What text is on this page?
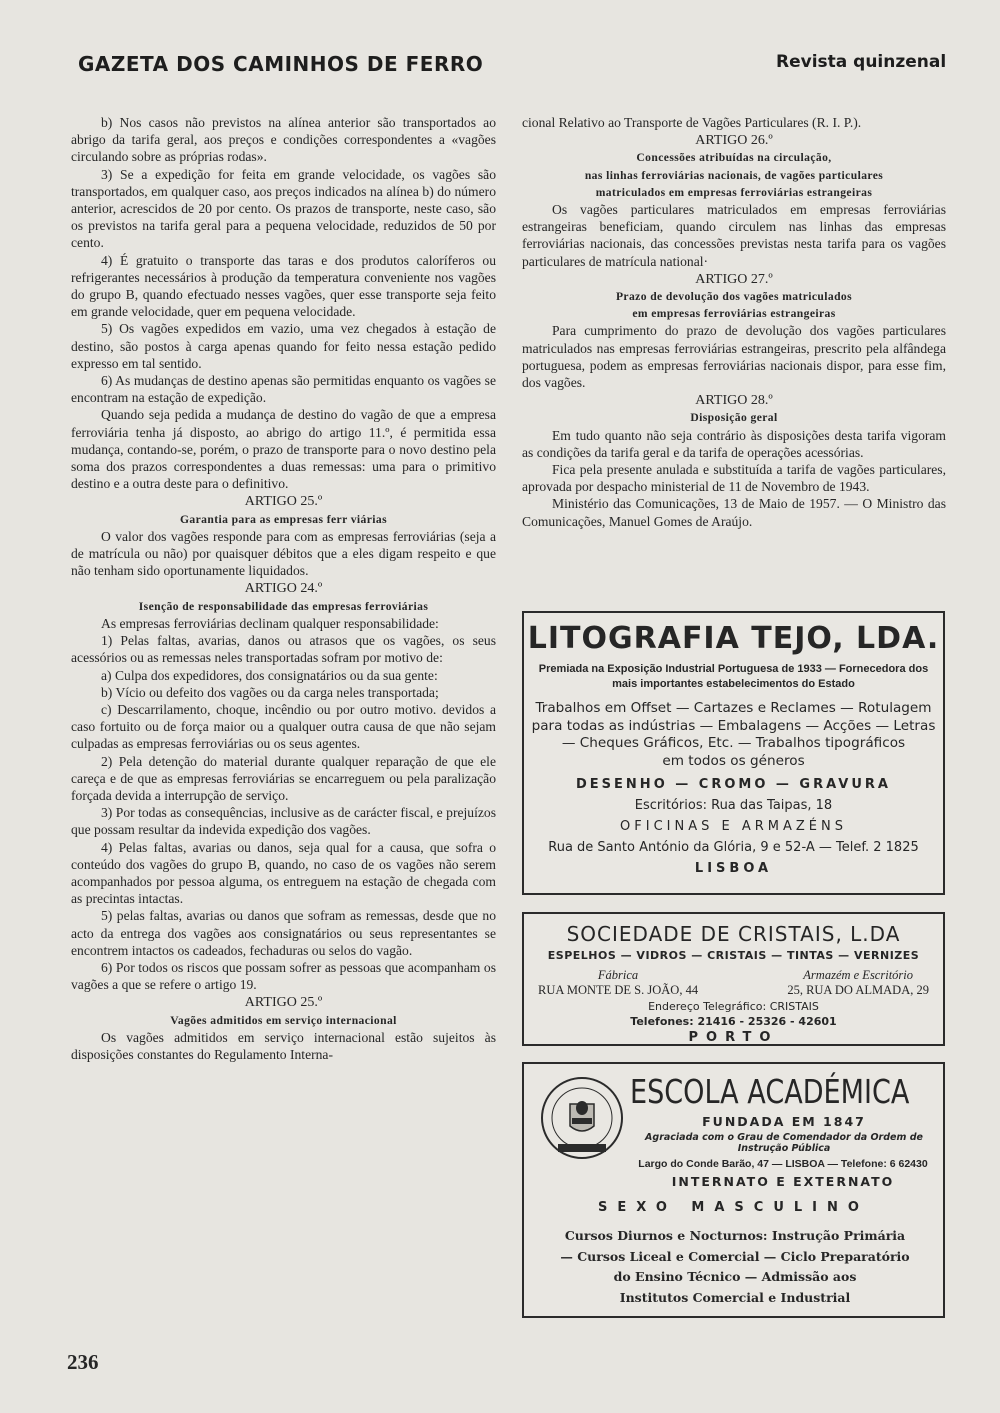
GAZETA DOS CAMINHOS DE FERRO	Revista quinzenal

b) Nos casos não previstos na alínea anterior são transportados ao abrigo da tarifa geral, aos preços e condições correspondentes a «vagões circulando sobre as próprias rodas».

3) Se a expedição for feita em grande velocidade, os vagões são transportados, em qualquer caso, aos preços indicados na alínea b) do número anterior, acrescidos de 20 por cento. Os prazos de transporte, neste caso, são os previstos na tarifa geral para a pequena velocidade, reduzidos de 50 por cento.

4) É gratuito o transporte das taras e dos produtos caloríferos ou refrigerantes necessários à produção da temperatura conveniente nos vagões do grupo B, quando efectuado nesses vagões, quer esse transporte seja feito em grande velocidade, quer em pequena velocidade.

5) Os vagões expedidos em vazio, uma vez chegados à estação de destino, são postos à carga apenas quando for feito nessa estação pedido expresso em tal sentido.

6) As mudanças de destino apenas são permitidas enquanto os vagões se encontram na estação de expedição.

Quando seja pedida a mudança de destino do vagão de que a empresa ferroviária tenha já disposto, ao abrigo do artigo 11.º, é permitida essa mudança, contando-se, porém, o prazo de transporte para o novo destino pela soma dos prazos correspondentes a duas remessas: uma para o primitivo destino e a outra deste para o definitivo.

ARTIGO 25.º

Garantia para as empresas ferr viárias

O valor dos vagões responde para com as empresas ferroviárias (seja a de matrícula ou não) por quaisquer débitos que a eles digam respeito e que não tenham sido oportunamente liquidados.

ARTIGO 24.º

Isenção de responsabilidade das empresas ferroviárias

As empresas ferroviárias declinam qualquer responsabilidade:

1) Pelas faltas, avarias, danos ou atrasos que os vagões, os seus acessórios ou as remessas neles transportadas sofram por motivo de:

a) Culpa dos expedidores, dos consignatários ou da sua gente:

b) Vício ou defeito dos vagões ou da carga neles transportada;

c) Descarrilamento, choque, incêndio ou por outro motivo. devidos a caso fortuito ou de força maior ou a qualquer outra causa de que não sejam culpadas as empresas ferroviárias ou os seus agentes.

2) Pela detenção do material durante qualquer reparação de que ele careça e de que as empresas ferroviárias se encarreguem ou pela paralização forçada devida a interrupção de serviço.

3) Por todas as consequências, inclusive as de carácter fiscal, e prejuízos que possam resultar da indevida expedição dos vagões.

4) Pelas faltas, avarias ou danos, seja qual for a causa, que sofra o conteúdo dos vagões do grupo B, quando, no caso de os vagões não serem acompanhados por pessoa alguma, os entreguem na estação de chegada com as precintas intactas.

5) pelas faltas, avarias ou danos que sofram as remessas, desde que no acto da entrega dos vagões aos consignatários ou seus representantes se encontrem intactos os cadeados, fechaduras ou selos do vagão.

6) Por todos os riscos que possam sofrer as pessoas que acompanham os vagões a que se refere o artigo 19.

ARTIGO 25.º

Vagões admitidos em serviço internacional

Os vagões admitidos em serviço internacional estão sujeitos às disposições constantes do Regulamento Interna-

cional Relativo ao Transporte de Vagões Particulares (R. I. P.).

ARTIGO 26.º

Concessões atribuídas na circulação,

nas linhas ferroviárias nacionais, de vagões particulares

matriculados em empresas ferroviárias estrangeiras

Os vagões particulares matriculados em empresas ferroviárias estrangeiras beneficiam, quando circulem nas linhas das empresas ferroviárias nacionais, das concessões previstas nesta tarifa para os vagões particulares de matrícula national·

ARTIGO 27.º

Prazo de devolução dos vagões matriculados

em empresas ferroviárias estrangeiras

Para cumprimento do prazo de devolução dos vagões particulares matriculados nas empresas ferroviárias estrangeiras, prescrito pela alfândega portuguesa, podem as empresas ferroviárias nacionais dispor, para esse fim, dos vagões.

ARTIGO 28.º

Disposição geral

Em tudo quanto não seja contrário às disposições desta tarifa vigoram as condições da tarifa geral e da tarifa de operações acessórias.

Fica pela presente anulada e substituída a tarifa de vagões particulares, aprovada por despacho ministerial de 11 de Novembro de 1943.

Ministério das Comunicações, 13 de Maio de 1957. — O Ministro das Comunicações, Manuel Gomes de Araújo.

LITOGRAFIA TEJO, LDA.
Premiada na Exposição Industrial Portuguesa de 1933 — Fornecedora dos mais importantes estabelecimentos do Estado
Trabalhos em Offset — Cartazes e Reclames — Rotulagem
para todas as indústrias — Embalagens — Acções — Letras
— Cheques Gráficos, Etc. — Trabalhos tipográficos
em todos os géneros
DESENHO — CROMO — GRAVURA
Escritórios: Rua das Taipas, 18
OFICINAS E ARMAZÉNS
Rua de Santo António da Glória, 9 e 52-A — Telef. 2 1825
LISBOA
SOCIEDADE DE CRISTAIS, L.DA
ESPELHOS — VIDROS — CRISTAIS — TINTAS — VERNIZES
Fábrica
RUA MONTE DE S. JOÃO, 44
Armazém e Escritório
25, RUA DO ALMADA, 29
Endereço Telegráfico: CRISTAIS
Telefones: 21416 - 25326 - 42601
PORTO
ESCOLA ACADÉMICA
FUNDADA EM 1847
Agraciada com o Grau de Comendador da Ordem de Instrução Pública
Largo do Conde Barão, 47 — LISBOA — Telefone: 6 62430
INTERNATO E EXTERNATO
SEXO MASCULINO
Cursos Diurnos e Nocturnos: Instrução Primária — Cursos Liceal e Comercial — Ciclo Preparatório do Ensino Técnico — Admissão aos
Institutos Comercial e Industrial
236
